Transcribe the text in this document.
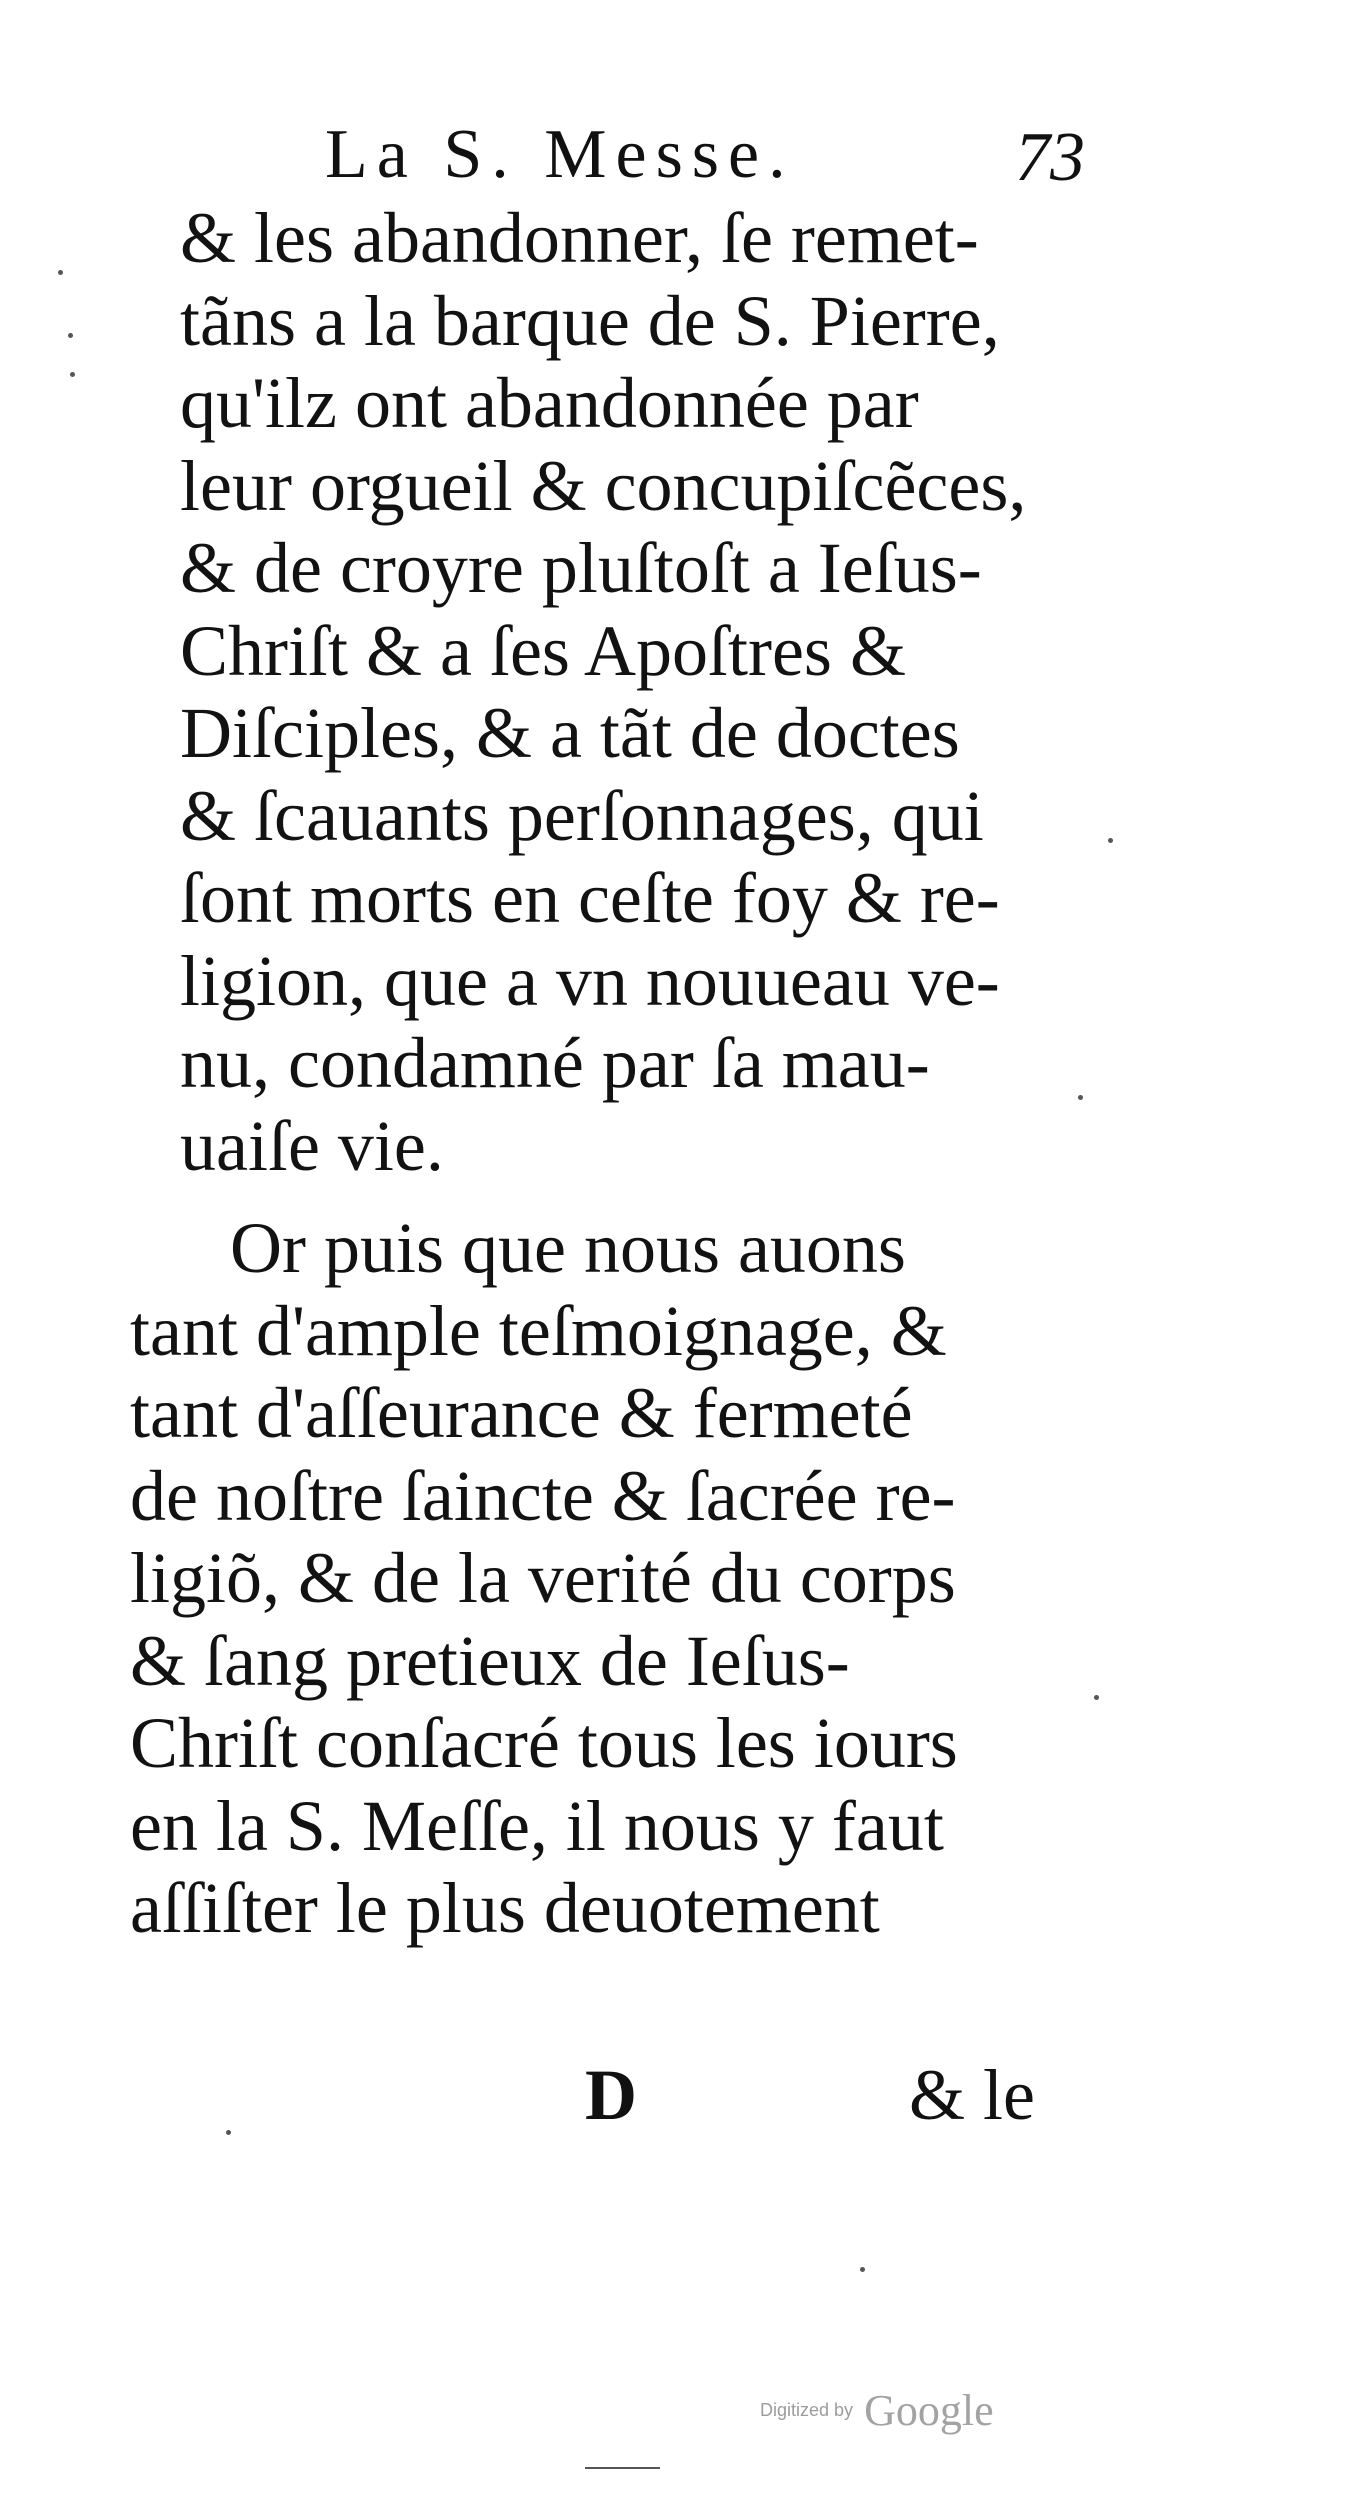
La S. Messe.	73
& les abandonner, ſe remet-
tãns a la barque de S. Pierre,
qu'ilz ont abandonnée par
leur orgueil & concupiſcẽces,
& de croyre pluſtoſt a Ieſus-
Chriſt & a ſes Apoſtres &
Diſciples, & a tãt de doctes
& ſcauants perſonnages, qui
ſont morts en ceſte foy & re-
ligion, que a vn nouueau ve-
nu, condamné par ſa mau-
uaiſe vie.
Or puis que nous auons
tant d'ample teſmoignage, &
tant d'aſſeurance & fermeté
de noſtre ſaincte & ſacrée re-
ligiõ, & de la verité du corps
& ſang pretieux de Ieſus-
Chriſt conſacré tous les iours
en la S. Meſſe, il nous y faut
aſſiſter le plus deuotement
D	& le
Digitized by Google
